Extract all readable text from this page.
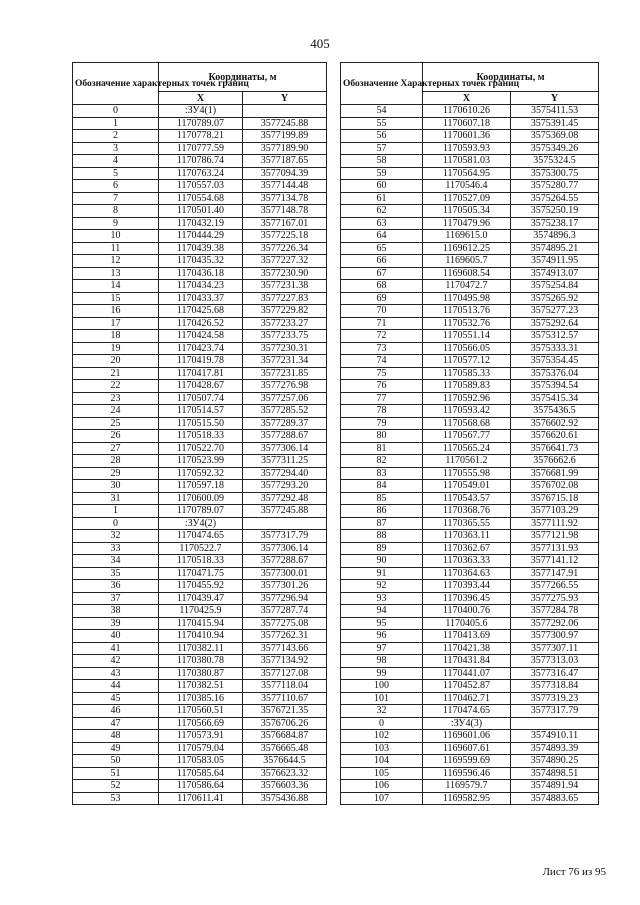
405
Обозначение характерных точек границ	Координаты, м	
	X	Y
0	:ЗУ4(1)	
1	1170789.07	3577245.88
2	1170778.21	3577199.89
3	1170777.59	3577189.90
4	1170786.74	3577187.65
5	1170763.24	3577094.39
6	1170557.03	3577144.48
7	1170554.68	3577134.78
8	1170501.40	3577148.78
9	1170432.19	3577167.01
10	1170444.29	3577225.18
11	1170439.38	3577226.34
12	1170435.32	3577227.32
13	1170436.18	3577230.90
14	1170434.23	3577231.38
15	1170433.37	3577227.83
16	1170425.68	3577229.82
17	1170426.52	3577233.27
18	1170424.58	3577233.75
19	1170423.74	3577230.31
20	1170419.78	3577231.34
21	1170417.81	3577231.85
22	1170428.67	3577276.98
23	1170507.74	3577257.06
24	1170514.57	3577285.52
25	1170515.50	3577289.37
26	1170518.33	3577288.67
27	1170522.70	3577306.14
28	1170523.99	3577311.25
29	1170592.32	3577294.40
30	1170597.18	3577293.20
31	1170600.09	3577292.48
1	1170789.07	3577245.88
0	:ЗУ4(2)	
32	1170474.65	3577317.79
33	1170522.7	3577306.14
34	1170518.33	3577288.67
35	1170471.75	3577300.01
36	1170455.92	3577301.26
37	1170439.47	3577296.94
38	1170425.9	3577287.74
39	1170415.94	3577275.08
40	1170410.94	3577262.31
41	1170382.11	3577143.66
42	1170380.78	3577134.92
43	1170380.87	3577127.08
44	1170382.51	3577118.04
45	1170385.16	3577110.67
46	1170560.51	3576721.35
47	1170566.69	3576706.26
48	1170573.91	3576684.87
49	1170579.04	3576665.48
50	1170583.05	3576644.5
51	1170585.64	3576623.32
52	1170586.64	3576603.36
53	1170611.41	3575436.88
Обозначение Характерных точек границ	Координаты, м	
	X	Y
54	1170610.26	3575411.53
55	1170607.18	3575391.45
56	1170601.36	3575369.08
57	1170593.93	3575349.26
58	1170581.03	3575324.5
59	1170564.95	3575300.75
60	1170546.4	3575280.77
61	1170527.09	3575264.55
62	1170505.34	3575250.19
63	1170479.96	3575238.17
64	1169615.0	3574896.3
65	1169612.25	3574895.21
66	1169605.7	3574911.95
67	1169608.54	3574913.07
68	1170472.7	3575254.84
69	1170495.98	3575265.92
70	1170513.76	3575277.23
71	1170532.76	3575292.64
72	1170551.14	3575312.57
73	1170566.05	3575333.31
74	1170577.12	3575354.45
75	1170585.33	3575376.04
76	1170589.83	3575394.54
77	1170592.96	3575415.34
78	1170593.42	3575436.5
79	1170568.68	3576602.92
80	1170567.77	3576620.61
81	1170565.24	3576641.73
82	1170561.2	3576662.6
83	1170555.98	3576681.99
84	1170549.01	3576702.08
85	1170543.57	3576715.18
86	1170368.76	3577103.29
87	1170365.55	3577111.92
88	1170363.11	3577121.98
89	1170362.67	3577131.93
90	1170363.33	3577141.12
91	1170364.63	3577147.91
92	1170393.44	3577266.55
93	1170396.45	3577275.93
94	1170400.76	3577284.78
95	1170405.6	3577292.06
96	1170413.69	3577300.97
97	1170421.38	3577307.11
98	1170431.84	3577313.03
99	1170441.07	3577316.47
100	1170452.87	3577318.84
101	1170462.71	3577319.23
32	1170474.65	3577317.79
0	:ЗУ4(3)	
102	1169601.06	3574910.11
103	1169607.61	3574893.39
104	1169599.69	3574890.25
105	1169596.46	3574898.51
106	1169579.7	3574891.94
107	1169582.95	3574883.65
Лист 76 из 95
